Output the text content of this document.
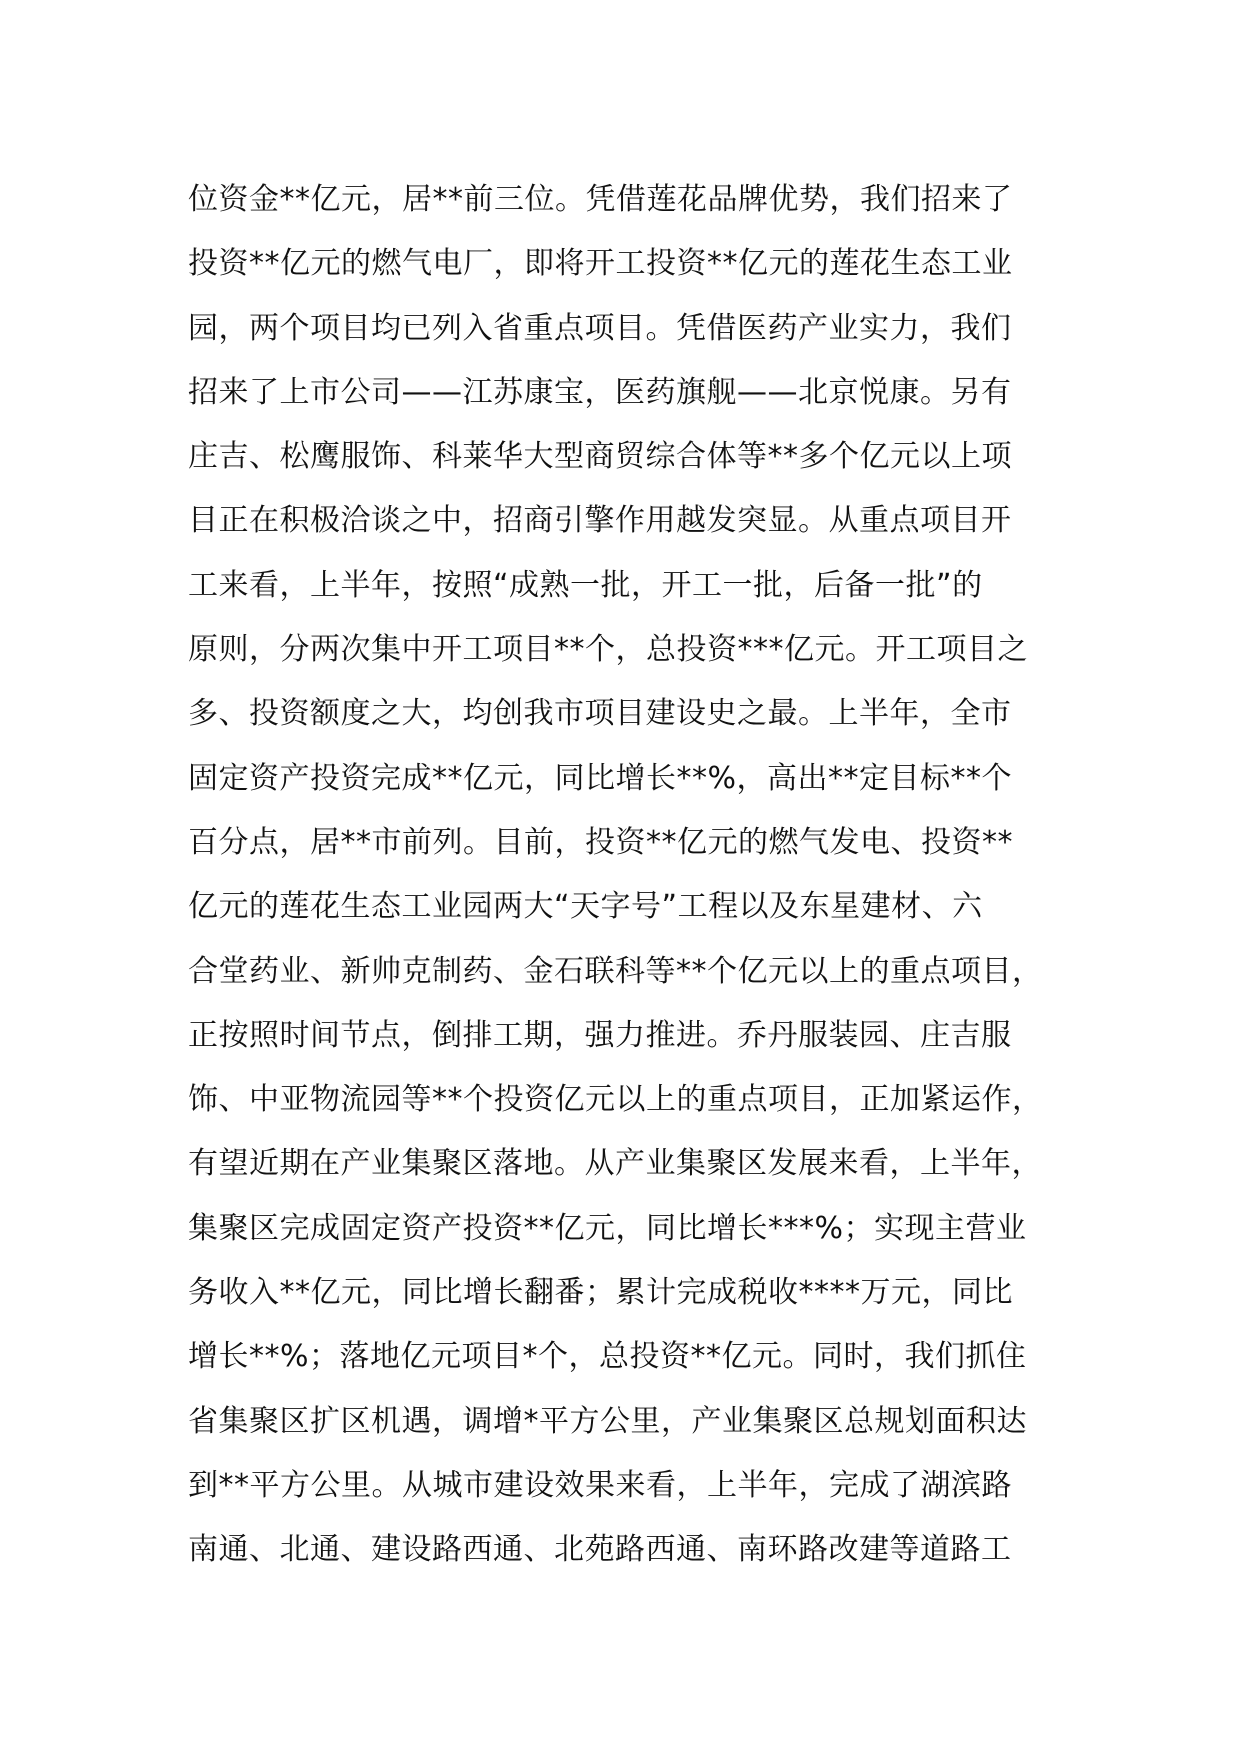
位资金**亿元，居**前三位。凭借莲花品牌优势，我们招来了
投资**亿元的燃气电厂，即将开工投资**亿元的莲花生态工业
园，两个项目均已列入省重点项目。凭借医药产业实力，我们
招来了上市公司——江苏康宝，医药旗舰——北京悦康。另有
庄吉、松鹰服饰、科莱华大型商贸综合体等**多个亿元以上项
目正在积极洽谈之中，招商引擎作用越发突显。从重点项目开
工来看，上半年，按照“成熟一批，开工一批，后备一批”的
原则，分两次集中开工项目**个，总投资***亿元。开工项目之
多、投资额度之大，均创我市项目建设史之最。上半年，全市
固定资产投资完成**亿元，同比增长**%，高出**定目标**个
百分点，居**市前列。目前，投资**亿元的燃气发电、投资**
亿元的莲花生态工业园两大“天字号”工程以及东星建材、六
合堂药业、新帅克制药、金石联科等**个亿元以上的重点项目，
正按照时间节点，倒排工期，强力推进。乔丹服装园、庄吉服
饰、中亚物流园等**个投资亿元以上的重点项目，正加紧运作，
有望近期在产业集聚区落地。从产业集聚区发展来看，上半年，
集聚区完成固定资产投资**亿元，同比增长***%；实现主营业
务收入**亿元，同比增长翻番；累计完成税收****万元，同比
增长**%；落地亿元项目*个，总投资**亿元。同时，我们抓住
省集聚区扩区机遇，调增*平方公里，产业集聚区总规划面积达
到**平方公里。从城市建设效果来看，上半年，完成了湖滨路
南通、北通、建设路西通、北苑路西通、南环路改建等道路工
